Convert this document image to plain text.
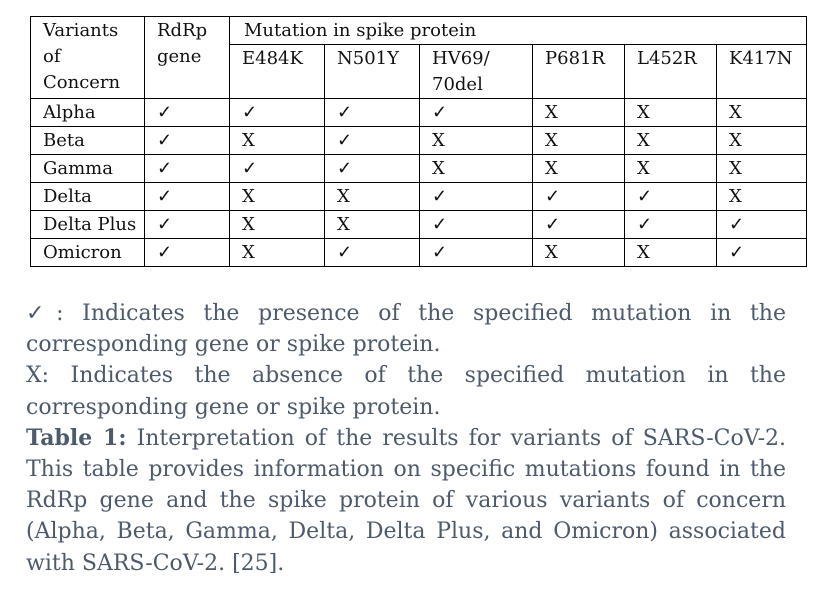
Variants of Concern	RdRp gene	Mutation in spike protein					
		E484K	N501Y	HV69/ 70del	P681R	L452R	K417N
Alpha	✓	✓	✓	✓	X	X	X
Beta	✓	X	✓	X	X	X	X
Gamma	✓	✓	✓	X	X	X	X
Delta	✓	X	X	✓	✓	✓	X
Delta Plus	✓	X	X	✓	✓	✓	✓
Omicron	✓	X	✓	✓	X	X	✓

✓: Indicates the presence of the specified mutation in the corresponding gene or spike protein.

X: Indicates the absence of the specified mutation in the corresponding gene or spike protein.

Table 1: Interpretation of the results for variants of SARS-CoV-2. This table provides information on specific mutations found in the RdRp gene and the spike protein of various variants of concern (Alpha, Beta, Gamma, Delta, Delta Plus, and Omicron) associated with SARS-CoV-2. [25].
